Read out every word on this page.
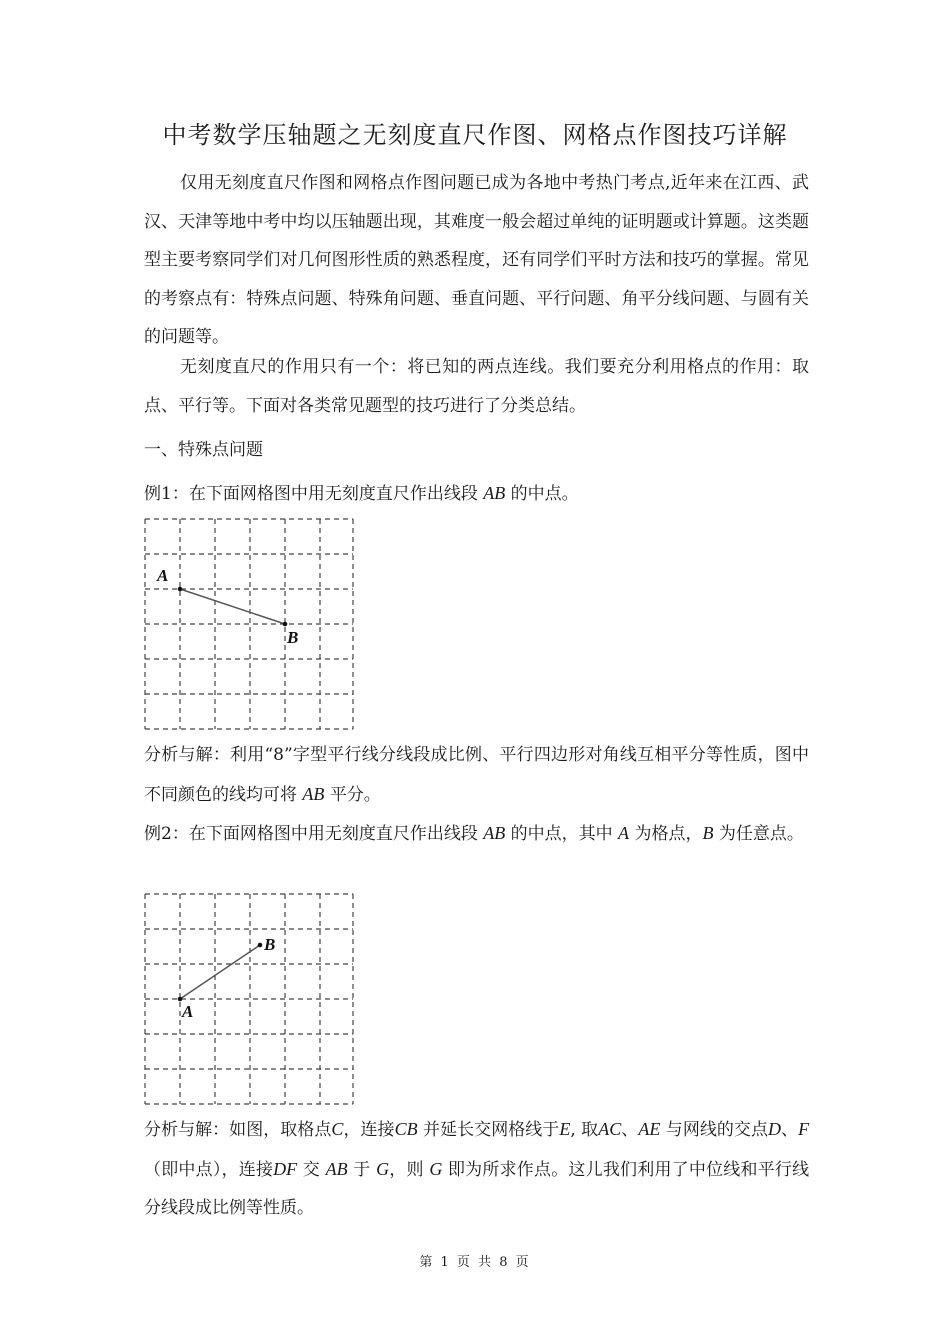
中考数学压轴题之无刻度直尺作图、网格点作图技巧详解
仅用无刻度直尺作图和网格点作图问题已成为各地中考热门考点,近年来在江西、武汉、天津等地中考中均以压轴题出现，其难度一般会超过单纯的证明题或计算题。这类题型主要考察同学们对几何图形性质的熟悉程度，还有同学们平时方法和技巧的掌握。常见的考察点有：特殊点问题、特殊角问题、垂直问题、平行问题、角平分线问题、与圆有关的问题等。
无刻度直尺的作用只有一个：将已知的两点连线。我们要充分利用格点的作用：取点、平行等。下面对各类常见题型的技巧进行了分类总结。
一、特殊点问题
例1：在下面网格图中用无刻度直尺作出线段 AB 的中点。
A
B
分析与解：利用“8”字型平行线分线段成比例、平行四边形对角线互相平分等性质，图中不同颜色的线均可将 AB 平分。
例2：在下面网格图中用无刻度直尺作出线段 AB 的中点，其中 A 为格点，B 为任意点。
A
B
分析与解：如图，取格点C，连接CB 并延长交网格线于E, 取AC、AE 与网线的交点D、F（即中点），连接DF 交 AB 于 G，则 G 即为所求作点。这儿我们利用了中位线和平行线分线段成比例等性质。
第 1 页 共 8 页
